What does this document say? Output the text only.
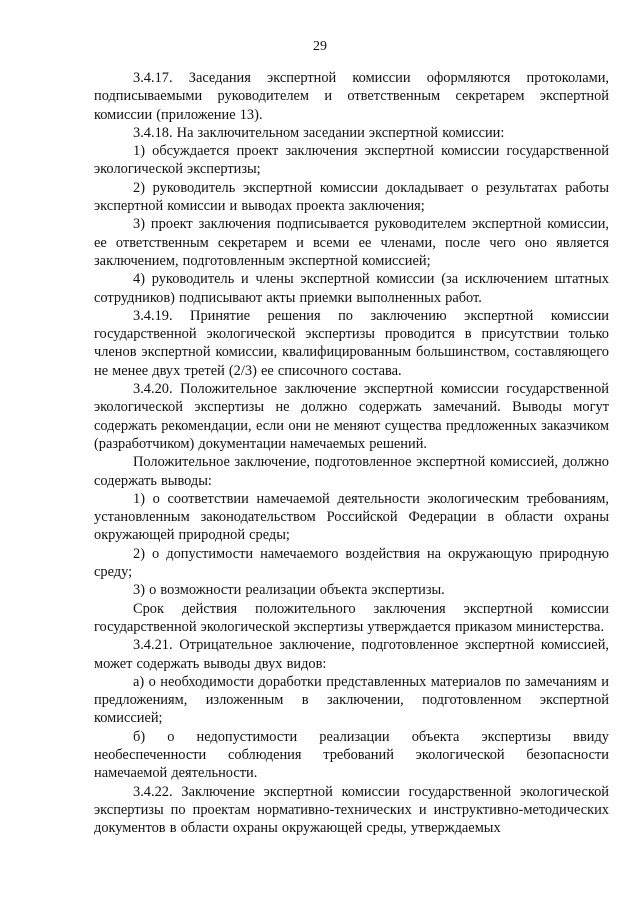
29

3.4.17. Заседания экспертной комиссии оформляются протоколами, подписываемыми руководителем и ответственным секретарем экспертной комиссии (приложение 13).

3.4.18. На заключительном заседании экспертной комиссии:

1) обсуждается проект заключения экспертной комиссии государственной экологической экспертизы;

2) руководитель экспертной комиссии докладывает о результатах работы экспертной комиссии и выводах проекта заключения;

3) проект заключения подписывается руководителем экспертной комиссии, ее ответственным секретарем и всеми ее членами, после чего оно является заключением, подготовленным экспертной комиссией;

4) руководитель и члены экспертной комиссии (за исключением штатных сотрудников) подписывают акты приемки выполненных работ.

3.4.19. Принятие решения по заключению экспертной комиссии государственной экологической экспертизы проводится в присутствии только членов экспертной комиссии, квалифицированным большинством, составляющего не менее двух третей (2/3) ее списочного состава.

3.4.20. Положительное заключение экспертной комиссии государственной экологической экспертизы не должно содержать замечаний. Выводы могут содержать рекомендации, если они не меняют существа предложенных заказчиком (разработчиком) документации намечаемых решений.

Положительное заключение, подготовленное экспертной комиссией, должно содержать выводы:

1) о соответствии намечаемой деятельности экологическим требованиям, установленным законодательством Российской Федерации в области охраны окружающей природной среды;

2) о допустимости намечаемого воздействия на окружающую природную среду;

3) о возможности реализации объекта экспертизы.

Срок действия положительного заключения экспертной комиссии государственной экологической экспертизы утверждается приказом министерства.

3.4.21. Отрицательное заключение, подготовленное экспертной комиссией, может содержать выводы двух видов:

а) о необходимости доработки представленных материалов по замечаниям и предложениям, изложенным в заключении, подготовленном экспертной комиссией;

б) о недопустимости реализации объекта экспертизы ввиду необеспеченности соблюдения требований экологической безопасности намечаемой деятельности.

3.4.22. Заключение экспертной комиссии государственной экологической экспертизы по проектам нормативно-технических и инструктивно-методических документов в области охраны окружающей среды, утверждаемых
